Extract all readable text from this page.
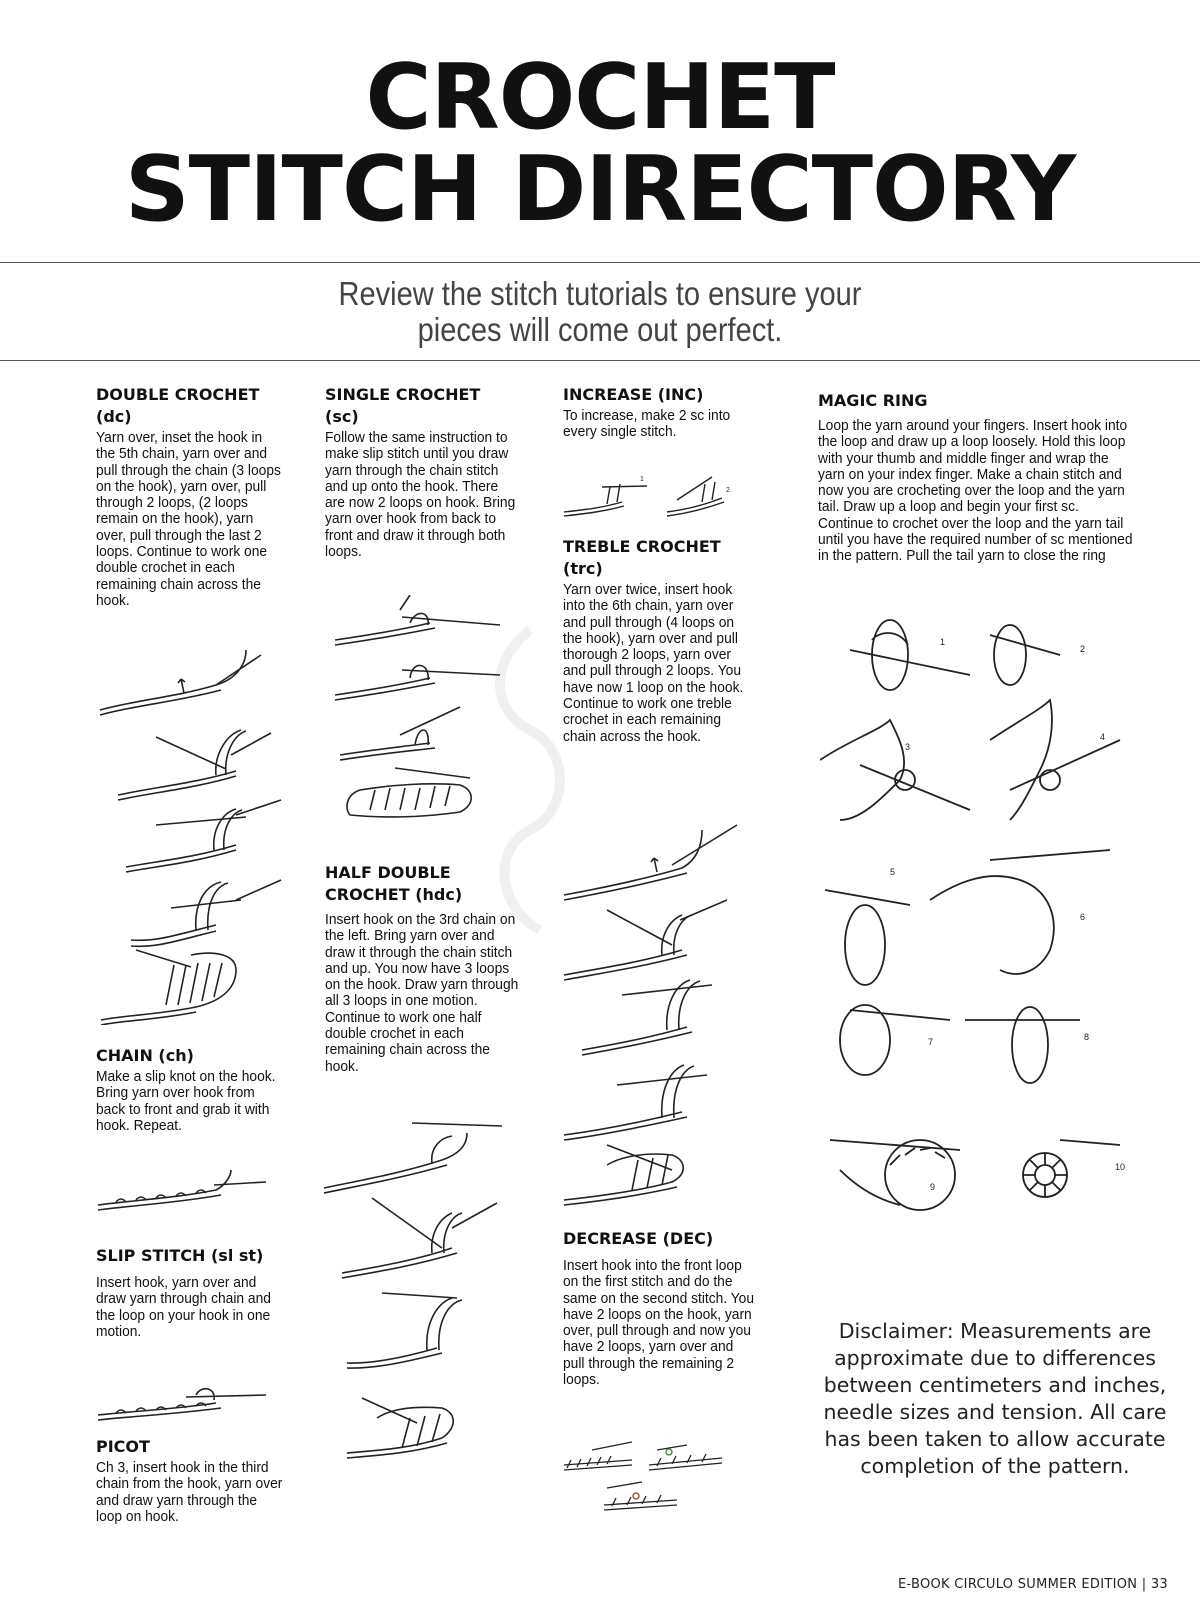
CROCHET
STITCH DIRECTORY
Review the stitch tutorials to ensure your
pieces will come out perfect.

DOUBLE CROCHET

(dc)

Yarn over, inset the hook in the 5th chain, yarn over and pull through the chain (3 loops on the hook), yarn over, pull through 2 loops, (2 loops remain on the hook), yarn over, pull through the last 2 loops. Continue to work one double crochet in each remaining chain across the hook.

CHAIN (ch)

Make a slip knot on the hook. Bring yarn over hook from back to front and grab it with hook. Repeat.

SLIP STITCH (sl st)

Insert hook, yarn over and draw yarn through chain and the loop on your hook in one motion.

PICOT

Ch 3, insert hook in the third chain from the hook, yarn over and draw yarn through the loop on hook.

SINGLE CROCHET

(sc)

Follow the same instruction to make slip stitch until you draw yarn through the chain stitch and up onto the hook. There are now 2 loops on hook. Bring yarn over hook from back to front and draw it through both loops.

HALF DOUBLE

CROCHET (hdc)

Insert hook on the 3rd chain on the left. Bring yarn over and draw it through the chain stitch and up. You now have 3 loops on the hook. Draw yarn through all 3 loops in one motion. Continue to work one half double crochet in each remaining chain across the hook.

INCREASE (INC)

To increase, make 2 sc into every single stitch.

1
2

TREBLE CROCHET

(trc)

Yarn over twice, insert hook into the 6th chain, yarn over and pull through (4 loops on the hook), yarn over and pull thorough 2 loops, yarn over and pull through 2 loops. You have now 1 loop on the hook. Continue to work one treble crochet in each remaining chain across the hook.

DECREASE (DEC)

Insert hook into the front loop on the first stitch and do the same on the second stitch. You have 2 loops on the hook, yarn over, pull through and now you have 2 loops, yarn over and pull through the remaining 2 loops.

MAGIC RING

Loop the yarn around your fingers. Insert hook into the loop and draw up a loop loosely. Hold this loop with your thumb and middle finger and wrap the yarn on your index finger. Make a chain stitch and now you are crocheting over the loop and the yarn tail. Draw up a loop and begin your first sc. Continue to crochet over the loop and the yarn tail until you have the required number of sc mentioned in the pattern. Pull the tail yarn to close the ring

1
2
3
4
5
6
7	8
9
10
Disclaimer: Measurements are approximate due to differences between centimeters and inches, needle sizes and tension. All care has been taken to allow accurate completion of the pattern.
E-BOOK CIRCULO SUMMER EDITION | 33
